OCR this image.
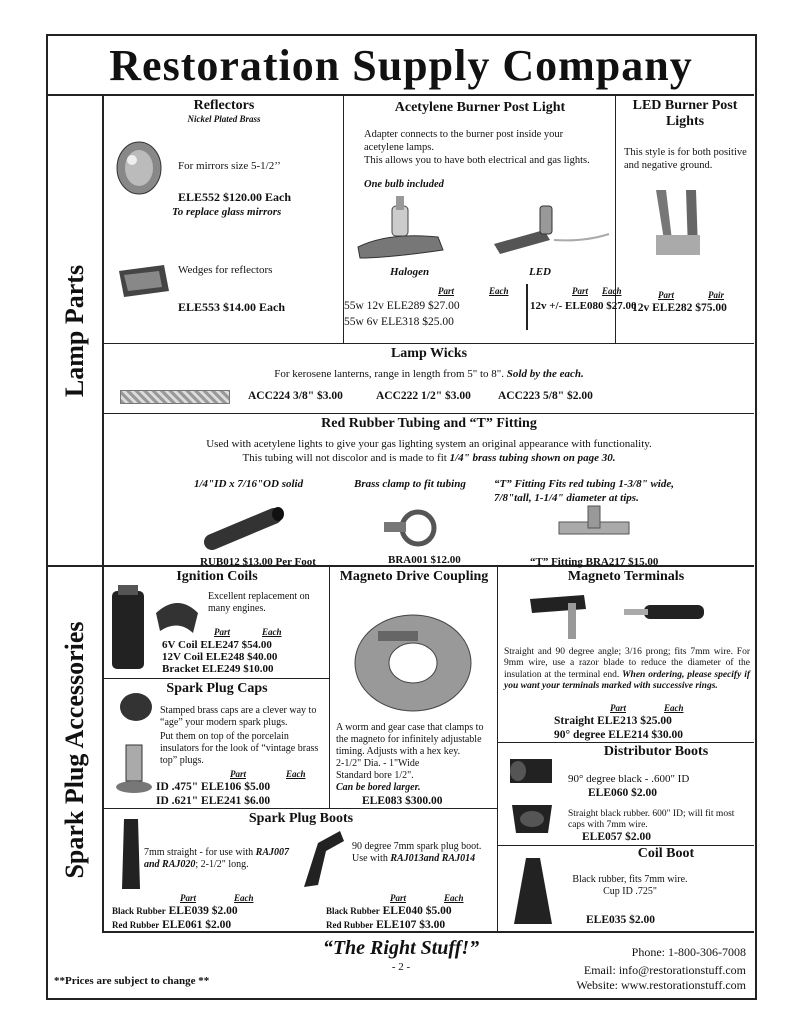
Restoration Supply Company
Lamp Parts
Spark Plug Accessories
Reflectors
Nickel Plated Brass
For mirrors size 5-1/2’’
ELE552 $120.00 Each
To replace glass mirrors
Wedges for reflectors
ELE553 $14.00 Each
Acetylene Burner Post Light
Adapter connects to the burner post inside your acetylene lamps.
This allows you to have both electrical and gas lights.
One bulb included
Halogen	LED
Part	Each
55w 12v ELE289 $27.00
55w 6v ELE318 $25.00
Part Each
12v +/- ELE080 $27.00
LED Burner Post Lights
This style is for both positive and negative ground.
Part	Pair
12v ELE282 $75.00
Lamp Wicks
For kerosene lanterns, range in length from 5" to 8". Sold by the each.
ACC224 3/8" $3.00	ACC222 1/2" $3.00 ACC223 5/8" $2.00
Red Rubber Tubing and “T” Fitting
Used with acetylene lights to give your gas lighting system an original appearance with functionality.
This tubing will not discolor and is made to fit 1/4" brass tubing shown on page 30.
1/4"ID x 7/16"OD solid	Brass clamp to fit tubing	“T” Fitting Fits red tubing 1-3/8" wide, 7/8"tall, 1-1/4" diameter at tips.
RUB012 $13.00 Per Foot	BRA001 $12.00	“T” Fitting BRA217 $15.00
Ignition Coils
Excellent replacement on many engines.
Part	Each
6V Coil ELE247 $54.00
12V Coil ELE248 $40.00
Bracket ELE249 $10.00
Spark Plug Caps
Stamped brass caps are a clever way to “age” your modern spark plugs.
Put them on top of the porcelain insulators for the look of “vintage brass top” plugs.
Part	Each
ID .475" ELE106 $5.00
ID .621" ELE241 $6.00
Magneto Drive Coupling
A worm and gear case that clamps to the magneto for infinitely adjustable timing. Adjusts with a hex key.
2-1/2" Dia. - 1"Wide
Standard bore 1/2".
Can be bored larger.
ELE083 $300.00
Magneto Terminals
Straight and 90 degree angle; 3/16 prong; fits 7mm wire. For 9mm wire, use a razor blade to reduce the diameter of the insulation at the terminal end. When ordering, please specify if you want your terminals marked with successive rings.
Part	Each
Straight ELE213 $25.00
90° degree ELE214 $30.00
Distributor Boots
90° degree black - .600" ID
ELE060 $2.00
Straight black rubber. 600" ID; will fit most caps with 7mm wire.
ELE057 $2.00
Coil Boot
Black rubber, fits 7mm wire. Cup ID .725"
ELE035 $2.00
Spark Plug Boots
7mm straight - for use with RAJ007 and RAJ020; 2-1/2" long.
90 degree 7mm spark plug boot. Use with RAJ013and RAJ014
Part	Each
Black Rubber ELE039 $2.00
Red Rubber ELE061 $2.00
Part	Each
Black Rubber ELE040 $5.00
Red Rubber ELE107 $3.00
“The Right Stuff!”
- 2 -
**Prices are subject to change **
Phone: 1-800-306-7008
Email: info@restorationstuff.com
Website: www.restorationstuff.com
